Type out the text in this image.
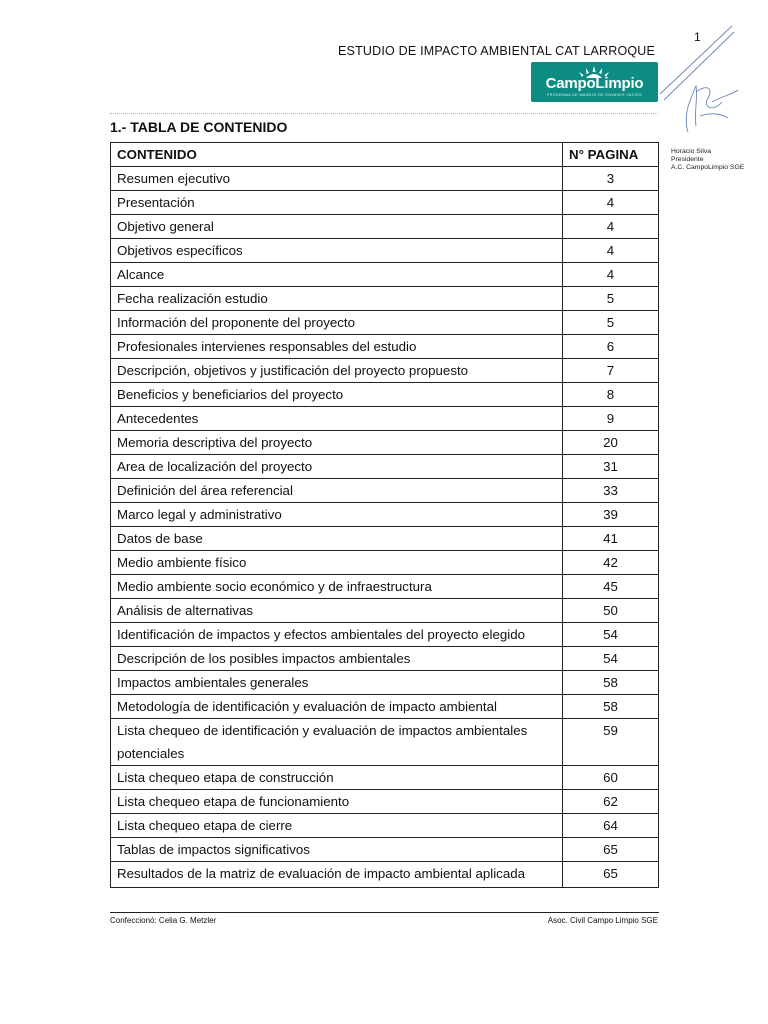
1
ESTUDIO DE IMPACTO AMBIENTAL CAT LARROQUE
CampoLimpio
PROGRAMA DE MANEJO DE ENVASES VACÍOS
Horacio Silva
Presidente
A.C. CampoLimpio SGE
1.- TABLA DE CONTENIDO
CONTENIDO	N° PAGINA
Resumen ejecutivo	3
Presentación	4
Objetivo general	4
Objetivos específicos	4
Alcance	4
Fecha realización estudio	5
Información del proponente del proyecto	5
Profesionales intervienes responsables del estudio	6
Descripción, objetivos y justificación del proyecto propuesto	7
Beneficios y beneficiarios del proyecto	8
Antecedentes	9
Memoria descriptiva del proyecto	20
Area de localización del proyecto	31
Definición del área referencial	33
Marco legal y administrativo	39
Datos de base	41
Medio ambiente físico	42
Medio ambiente socio económico y de infraestructura	45
Análisis de alternativas	50
Identificación de impactos y efectos ambientales del proyecto elegido	54
Descripción de los posibles impactos ambientales	54
Impactos ambientales generales	58
Metodología de identificación y evaluación de impacto ambiental	58
Lista chequeo de identificación y evaluación de impactos ambientales potenciales	59
Lista chequeo etapa de construcción	60
Lista chequeo etapa de funcionamiento	62
Lista chequeo etapa de cierre	64
Tablas de impactos significativos	65
Resultados de la matriz de evaluación de impacto ambiental aplicada	65
Confeccionó: Celia G. Metzler	Asoc. Civil Campo Limpio SGE
